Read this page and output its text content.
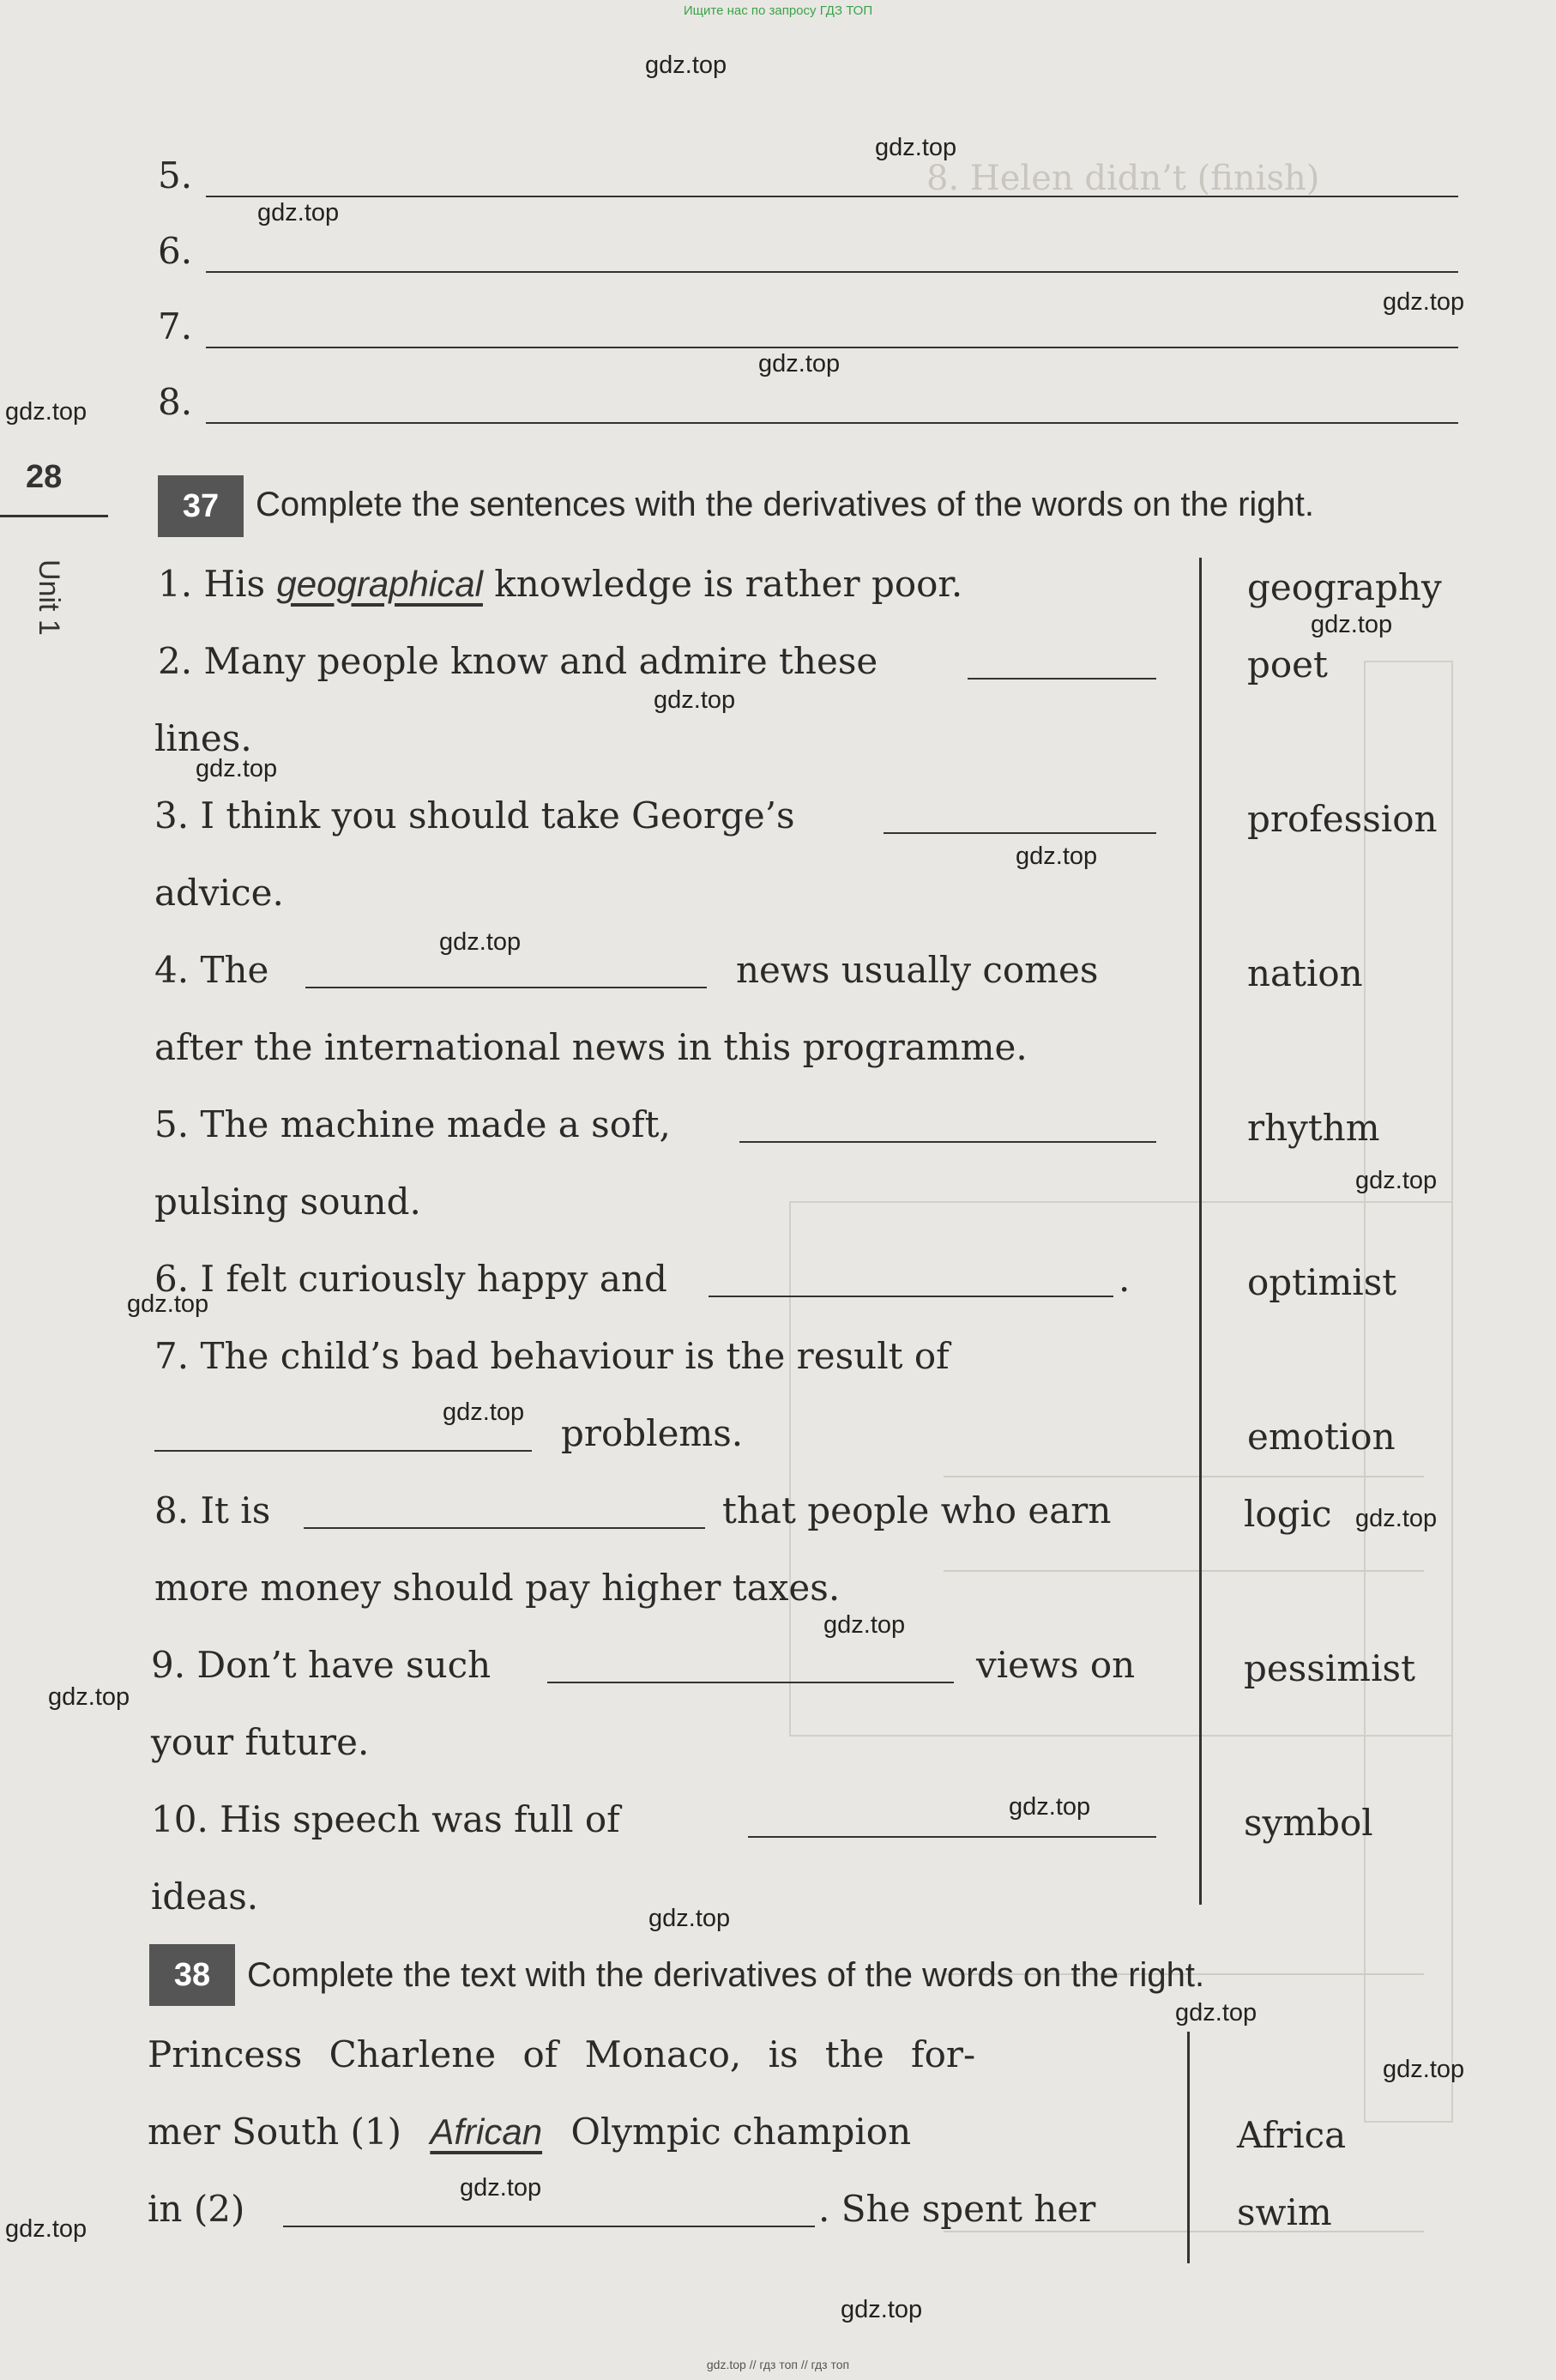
8. Helen didn’t (finish)
Ищите нас по запросу ГДЗ ТОП
gdz.top
gdz.top
gdz.top
gdz.top
gdz.top
gdz.top
gdz.top
gdz.top
gdz.top
gdz.top
gdz.top
gdz.top
gdz.top
gdz.top
gdz.top
gdz.top
gdz.top
gdz.top
gdz.top
gdz.top
gdz.top
gdz.top
gdz.top
gdz.top
28
Unit 1
5.
6.
7.
8.
37	Complete the sentences with the derivatives of the words on the right.
1. His geographical knowledge is rather poor.	geography
2. Many people know and admire these	poet
lines.
3. I think you should take George’s	profession
advice.
4. The	news usually comes	nation
after the international news in this programme.
5. The machine made a soft,	rhythm
pulsing sound.
6. I felt curiously happy and	.	optimist
7. The child’s bad behaviour is the result of
problems.	emotion
8. It is	that people who earn	logic
more money should pay higher taxes.
9. Don’t have such	views on	pessimist
your future.
10. His speech was full of	symbol
ideas.
38	Complete the text with the derivatives of the words on the right.
Princess Charlene of Monaco, is the for-
mer South (1) African Olympic champion	Africa
in (2)	. She spent her	swim
gdz.top // гдз топ // гдз топ
